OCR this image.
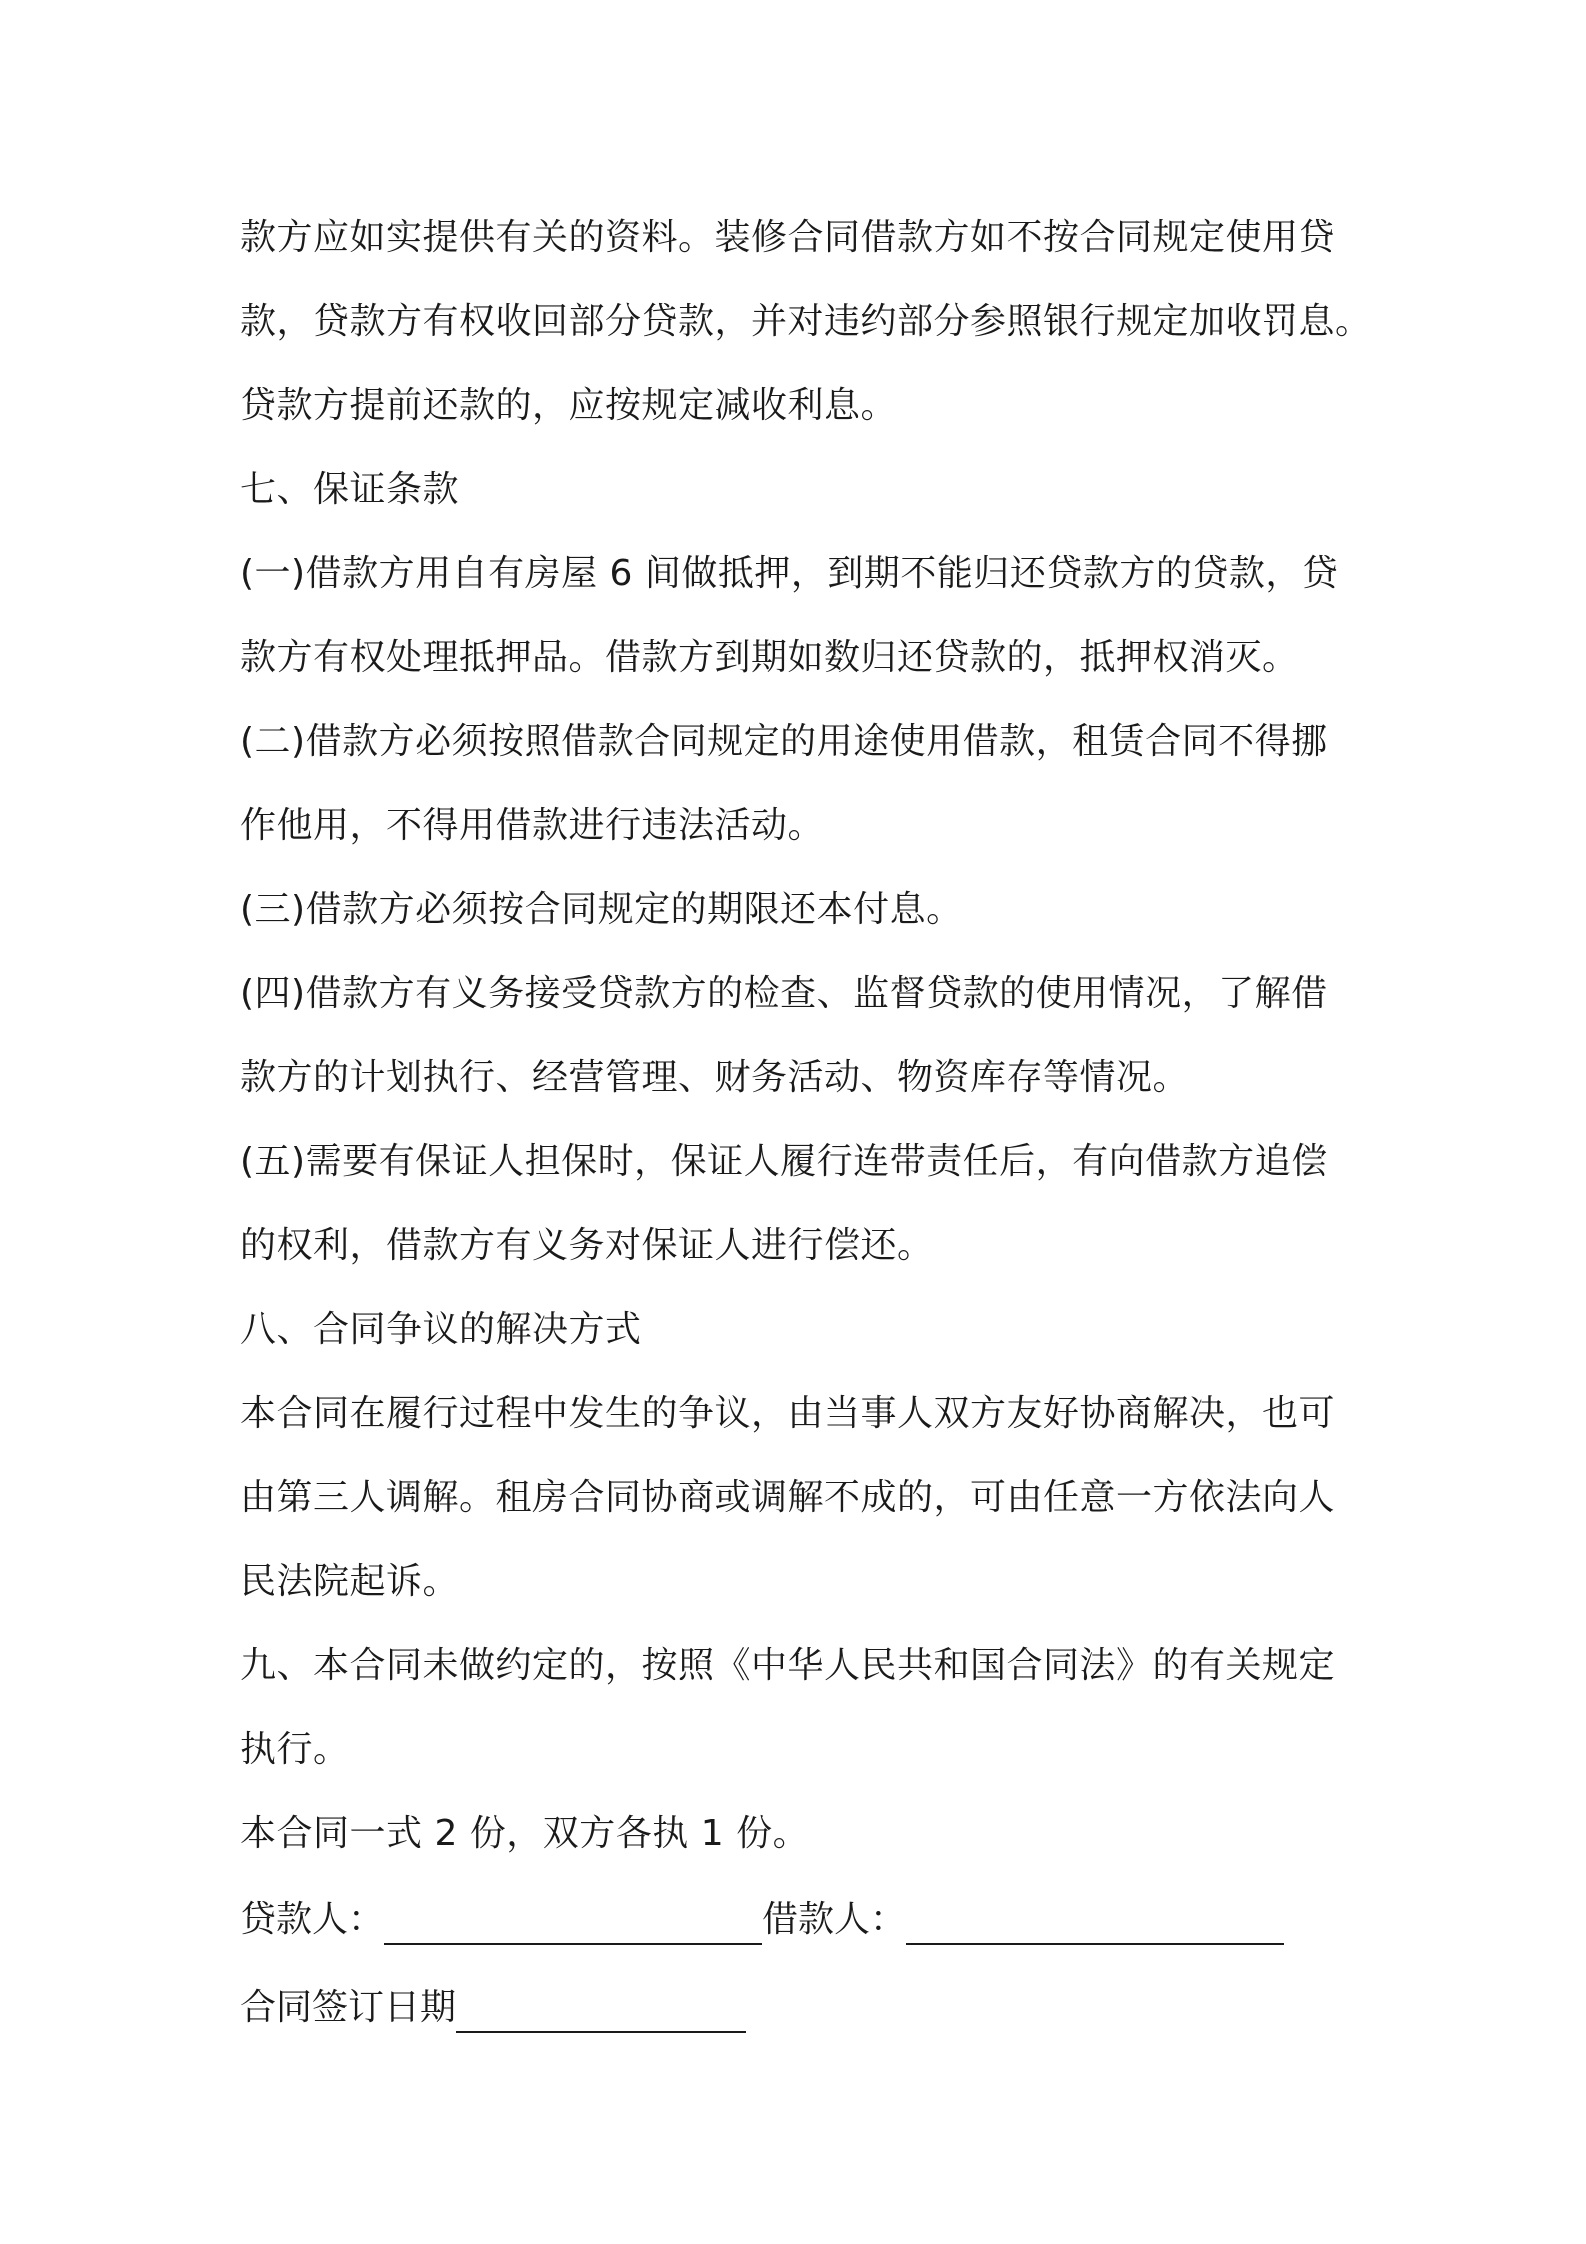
款方应如实提供有关的资料。装修合同借款方如不按合同规定使用贷
款，贷款方有权收回部分贷款，并对违约部分参照银行规定加收罚息。
贷款方提前还款的，应按规定减收利息。
七、保证条款
(一)借款方用自有房屋 6 间做抵押，到期不能归还贷款方的贷款，贷
款方有权处理抵押品。借款方到期如数归还贷款的，抵押权消灭。
(二)借款方必须按照借款合同规定的用途使用借款，租赁合同不得挪
作他用，不得用借款进行违法活动。
(三)借款方必须按合同规定的期限还本付息。
(四)借款方有义务接受贷款方的检查、监督贷款的使用情况，了解借
款方的计划执行、经营管理、财务活动、物资库存等情况。
(五)需要有保证人担保时，保证人履行连带责任后，有向借款方追偿
的权利，借款方有义务对保证人进行偿还。
八、合同争议的解决方式
本合同在履行过程中发生的争议，由当事人双方友好协商解决，也可
由第三人调解。租房合同协商或调解不成的，可由任意一方依法向人
民法院起诉。
九、本合同未做约定的，按照《中华人民共和国合同法》的有关规定
执行。
本合同一式 2 份，双方各执 1 份。
贷款人：	借款人：
合同签订日期
